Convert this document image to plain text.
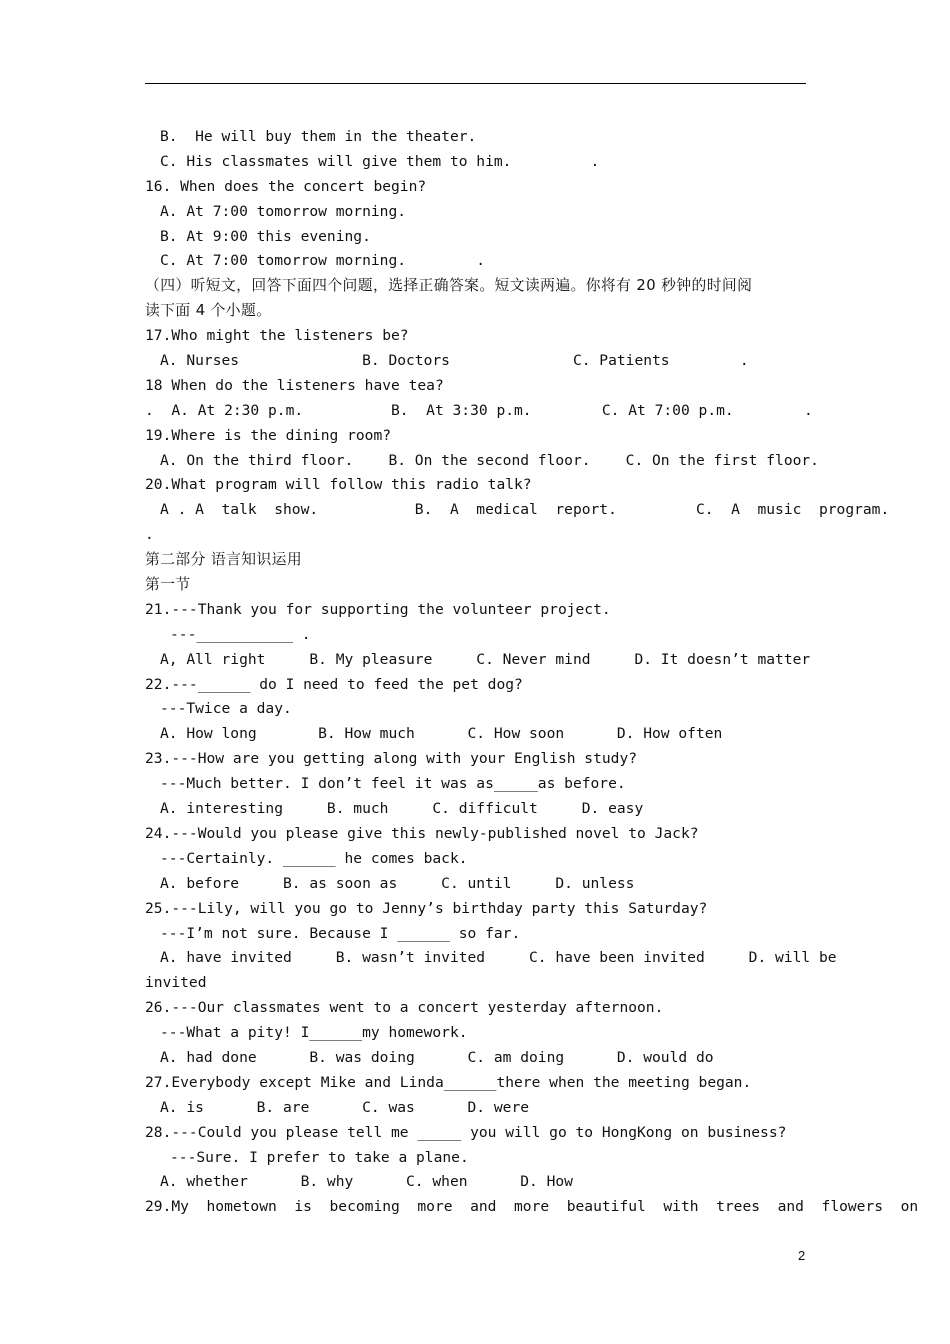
B.  He will buy them in the theater.
C. His classmates will give them to him.         .
16. When does the concert begin?
A. At 7:00 tomorrow morning.
B. At 9:00 this evening.
C. At 7:00 tomorrow morning.        .
（四）听短文，回答下面四个问题，选择正确答案。短文读两遍。你将有 20 秒钟的时间阅
读下面 4 个小题。
17.Who might the listeners be?
A. Nurses              B. Doctors              C. Patients        .
18 When do the listeners have tea?
.  A. At 2:30 p.m.          B.  At 3:30 p.m.        C. At 7:00 p.m.        .
19.Where is the dining room?
A. On the third floor.    B. On the second floor.    C. On the first floor.
20.What program will follow this radio talk?
A . A  talk  show.           B.  A  medical  report.         C.  A  music  program.
.
第二部分 语言知识运用
第一节
21.---Thank you for supporting the volunteer project.
---___________ .
A, All right     B. My pleasure     C. Never mind     D. It doesn’t matter
22.---______ do I need to feed the pet dog?
---Twice a day.
A. How long       B. How much      C. How soon      D. How often
23.---How are you getting along with your English study?
---Much better. I don’t feel it was as_____as before.
A. interesting     B. much     C. difficult     D. easy
24.---Would you please give this newly-published novel to Jack?
---Certainly. ______ he comes back.
A. before     B. as soon as     C. until     D. unless
25.---Lily, will you go to Jenny’s birthday party this Saturday?
---I’m not sure. Because I ______ so far.
A. have invited     B. wasn’t invited     C. have been invited     D. will be
invited
26.---Our classmates went to a concert yesterday afternoon.
---What a pity! I______my homework.
A. had done      B. was doing      C. am doing      D. would do
27.Everybody except Mike and Linda______there when the meeting began.
A. is      B. are      C. was      D. were
28.---Could you please tell me _____ you will go to HongKong on business?
---Sure. I prefer to take a plane.
A. whether      B. why      C. when      D. How
29.My  hometown  is  becoming  more  and  more  beautiful  with  trees  and  flowers  on
2
